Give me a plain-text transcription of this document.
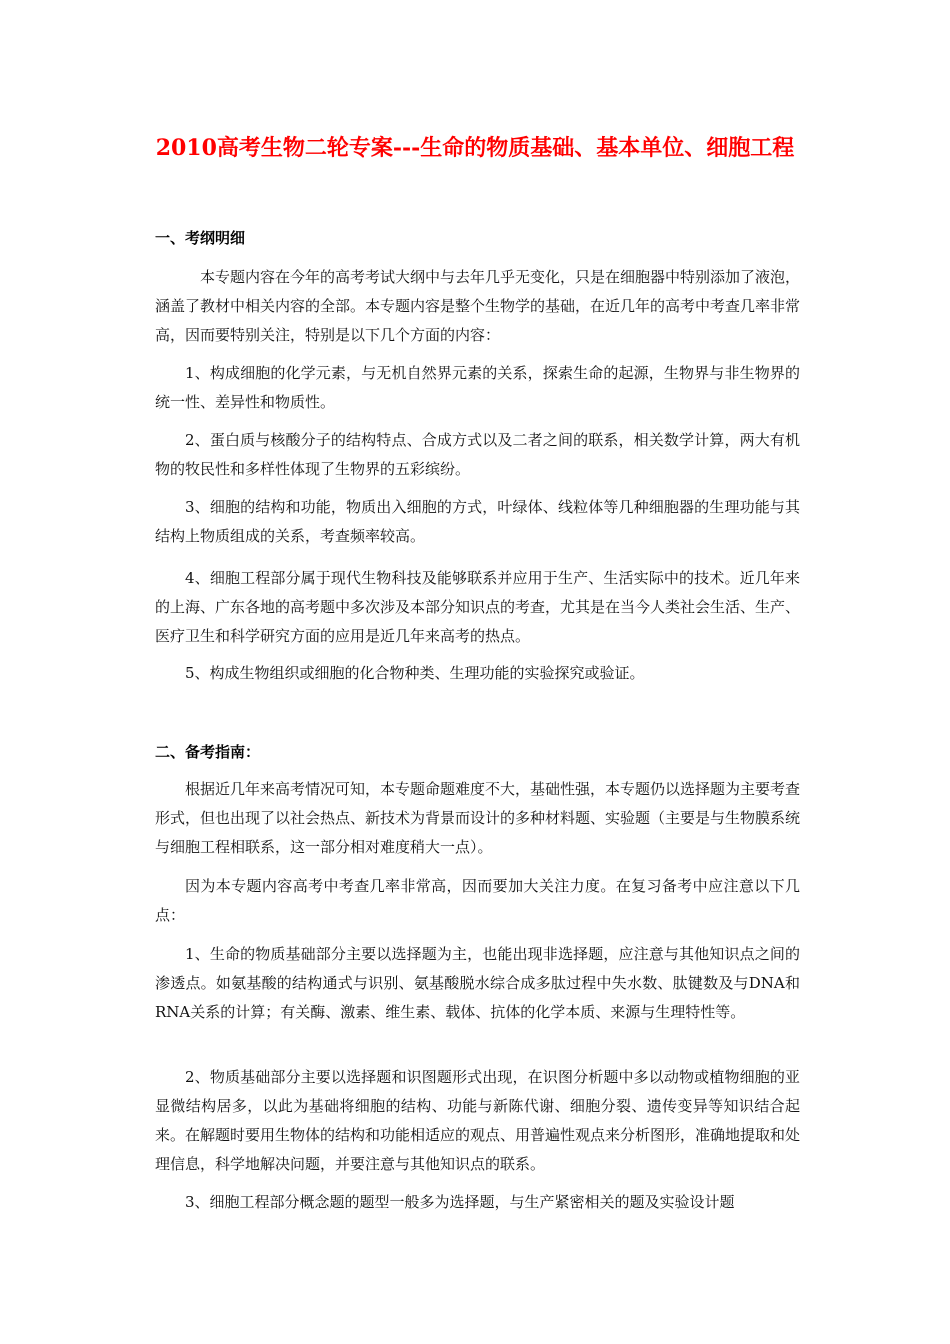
2010高考生物二轮专案---生命的物质基础、基本单位、细胞工程
一、考纲明细

本专题内容在今年的高考考试大纲中与去年几乎无变化，只是在细胞器中特别添加了液泡，涵盖了教材中相关内容的全部。本专题内容是整个生物学的基础，在近几年的高考中考查几率非常高，因而要特别关注，特别是以下几个方面的内容：

1、构成细胞的化学元素，与无机自然界元素的关系，探索生命的起源，生物界与非生物界的统一性、差异性和物质性。

2、蛋白质与核酸分子的结构特点、合成方式以及二者之间的联系，相关数学计算，两大有机物的牧民性和多样性体现了生物界的五彩缤纷。

3、细胞的结构和功能，物质出入细胞的方式，叶绿体、线粒体等几种细胞器的生理功能与其结构上物质组成的关系，考查频率较高。

4、细胞工程部分属于现代生物科技及能够联系并应用于生产、生活实际中的技术。近几年来的上海、广东各地的高考题中多次涉及本部分知识点的考查，尤其是在当今人类社会生活、生产、医疗卫生和科学研究方面的应用是近几年来高考的热点。

5、构成生物组织或细胞的化合物种类、生理功能的实验探究或验证。

二、备考指南：

根据近几年来高考情况可知，本专题命题难度不大，基础性强，本专题仍以选择题为主要考查形式，但也出现了以社会热点、新技术为背景而设计的多种材料题、实验题（主要是与生物膜系统与细胞工程相联系，这一部分相对难度稍大一点）。

因为本专题内容高考中考查几率非常高，因而要加大关注力度。在复习备考中应注意以下几点：

1、生命的物质基础部分主要以选择题为主，也能出现非选择题，应注意与其他知识点之间的渗透点。如氨基酸的结构通式与识别、氨基酸脱水综合成多肽过程中失水数、肽键数及与DNA和RNA关系的计算；有关酶、激素、维生素、载体、抗体的化学本质、来源与生理特性等。

2、物质基础部分主要以选择题和识图题形式出现，在识图分析题中多以动物或植物细胞的亚显微结构居多，以此为基础将细胞的结构、功能与新陈代谢、细胞分裂、遗传变异等知识结合起来。在解题时要用生物体的结构和功能相适应的观点、用普遍性观点来分析图形，准确地提取和处理信息，科学地解决问题，并要注意与其他知识点的联系。

3、细胞工程部分概念题的题型一般多为选择题，与生产紧密相关的题及实验设计题
